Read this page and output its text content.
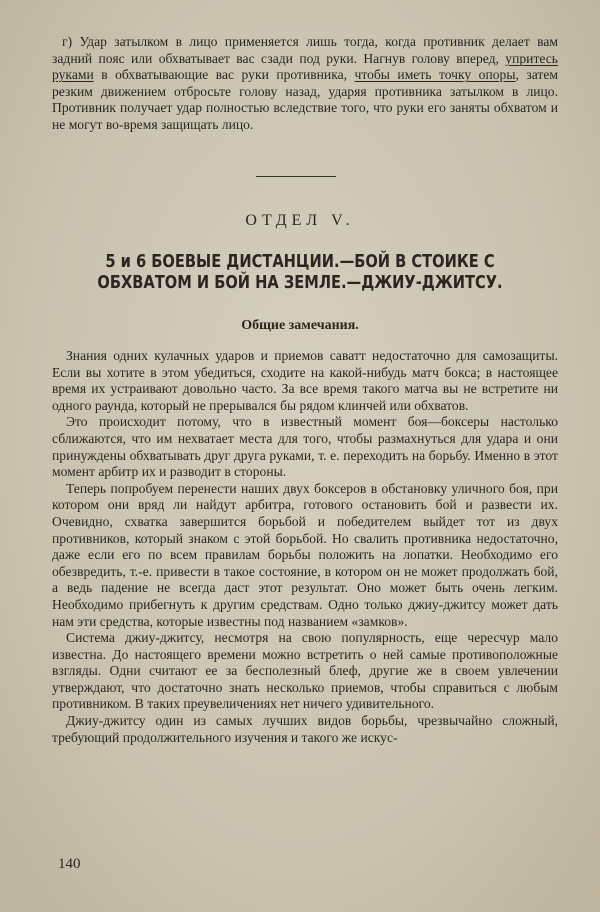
г) Удар затылком в лицо применяется лишь тогда, когда противник делает вам задний пояс или обхватывает вас сзади под руки. Нагнув голову вперед, упритесь руками в обхватывающие вас руки противника, чтобы иметь точку опоры, затем резким движением отбросьте голову назад, ударяя противника затылком в лицо. Противник получает удар полностью вследствие того, что руки его заняты обхватом и не могут во-время защищать лицо.

ОТДЕЛ V.
5 и 6 БОЕВЫЕ ДИСТАНЦИИ.—БОЙ В СТОИКЕ С ОБХВАТОМ И БОЙ НА ЗЕМЛЕ.—ДЖИУ-ДЖИТСУ.
Общие замечания.

Знания одних кулачных ударов и приемов саватт недостаточно для самозащиты. Если вы хотите в этом убедиться, сходите на какой-нибудь матч бокса; в настоящее время их устраивают довольно часто. За все время такого матча вы не встретите ни одного раунда, который не прерывался бы рядом клинчей или обхватов.

Это происходит потому, что в известный момент боя—боксеры настолько сближаются, что им нехватает места для того, чтобы размахнуться для удара и они принуждены обхватывать друг друга руками, т. е. переходить на борьбу. Именно в этот момент арбитр их и разводит в стороны.

Теперь попробуем перенести наших двух боксеров в обстановку уличного боя, при котором они вряд ли найдут арбитра, готового остановить бой и развести их. Очевидно, схватка завершится борьбой и победителем выйдет тот из двух противников, который знаком с этой борьбой. Но свалить противника недостаточно, даже если его по всем правилам борьбы положить на лопатки. Необходимо его обезвредить, т.-е. привести в такое состояние, в котором он не может продолжать бой, а ведь падение не всегда даст этот результат. Оно может быть очень легким. Необходимо прибегнуть к другим средствам. Одно только джиу-джитсу может дать нам эти средства, которые известны под названием «замков».

Система джиу-джитсу, несмотря на свою популярность, еще чересчур мало известна. До настоящего времени можно встретить о ней самые противоположные взгляды. Одни считают ее за бесполезный блеф, другие же в своем увлечении утверждают, что достаточно знать несколько приемов, чтобы справиться с любым противником. В таких преувеличениях нет ничего удивительного.

Джиу-джитсу один из самых лучших видов борьбы, чрезвычайно сложный, требующий продолжительного изучения и такого же искус-

140
